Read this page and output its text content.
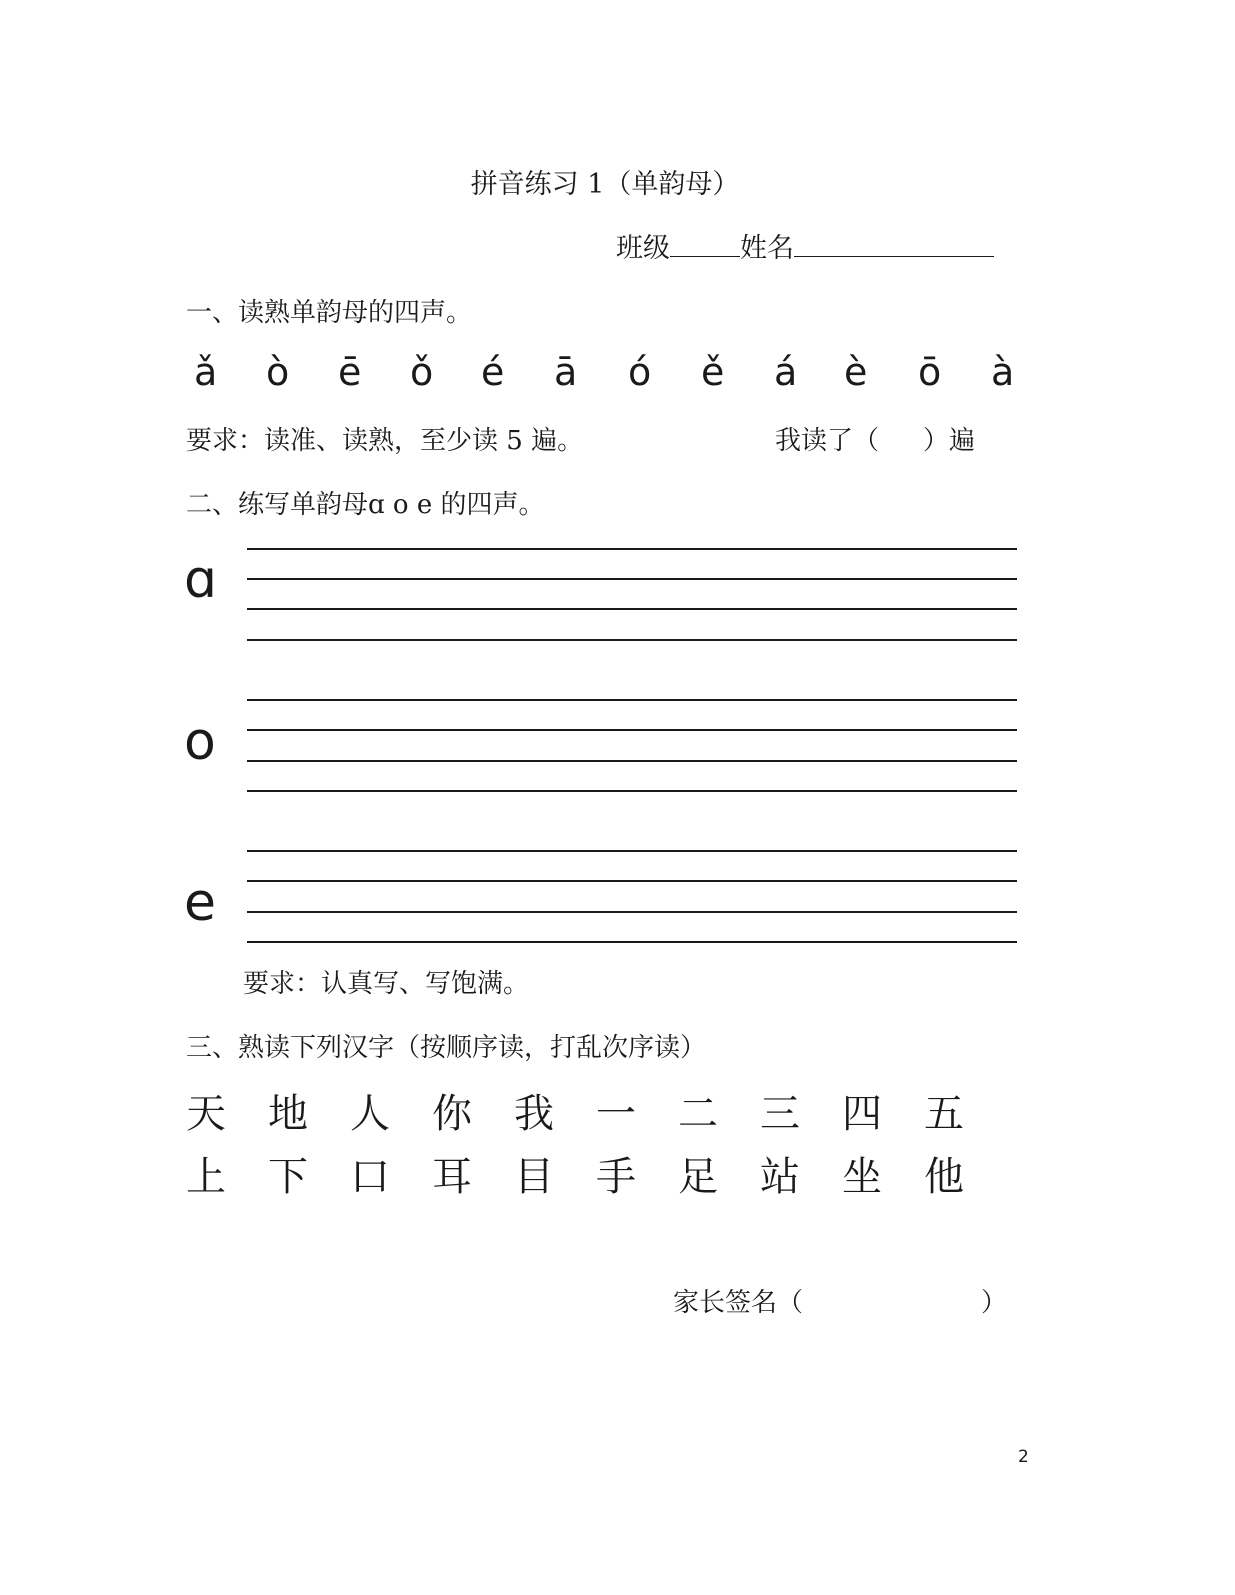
拼音练习 1（单韵母）
班级	姓名
一、读熟单韵母的四声。
ǎ ò ē ǒ é ā ó ě á è ō à
要求：读准、读熟，至少读 5 遍。	我读了（ ）遍
二、练写单韵母ɑ o e 的四声。
ɑ
o
e
要求：认真写、写饱满。
三、熟读下列汉字（按顺序读，打乱次序读）
天 地 人 你 我 一 二 三 四 五
上 下 口 耳 目 手 足 站 坐 他
家长签名（	）
2
